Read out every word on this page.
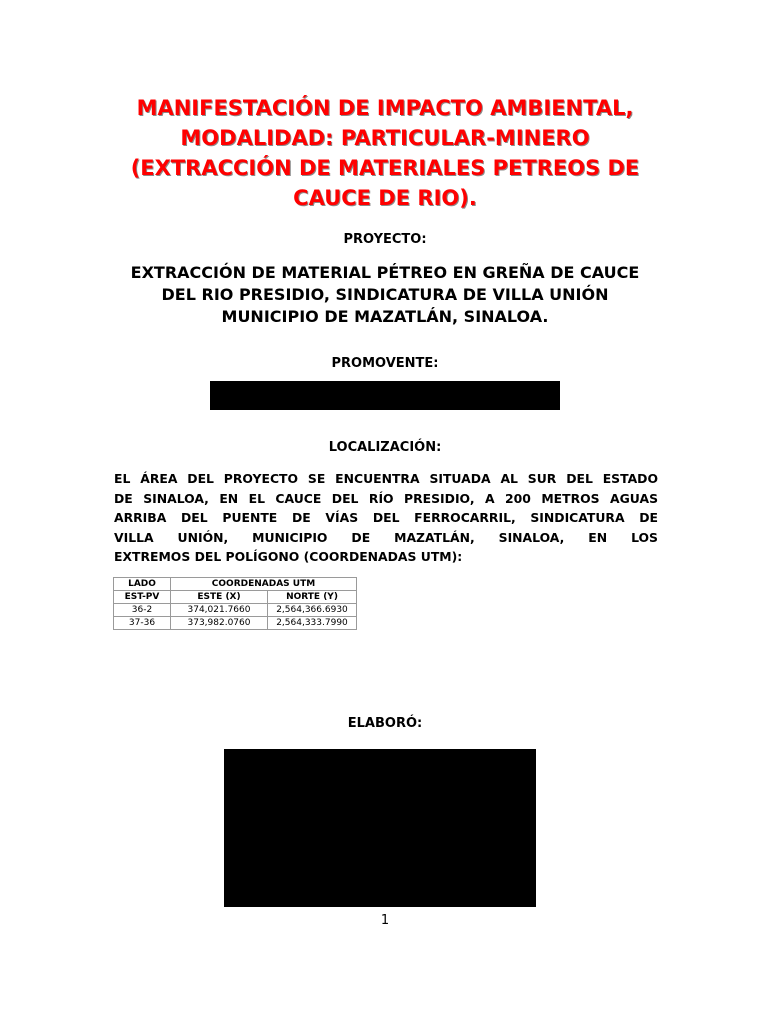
MANIFESTACIÓN DE IMPACTO AMBIENTAL,
MODALIDAD: PARTICULAR-MINERO
(EXTRACCIÓN DE MATERIALES PETREOS DE
CAUCE DE RIO).
PROYECTO:

EXTRACCIÓN DE MATERIAL PÉTREO EN GREÑA DE CAUCE
DEL RIO PRESIDIO, SINDICATURA DE VILLA UNIÓN
MUNICIPIO DE MAZATLÁN, SINALOA.

PROMOVENTE:
LOCALIZACIÓN:

EL ÁREA DEL PROYECTO SE ENCUENTRA SITUADA AL SUR DEL ESTADO
DE SINALOA, EN EL CAUCE DEL RÍO PRESIDIO, A 200 METROS AGUAS
ARRIBA DEL PUENTE DE VÍAS DEL FERROCARRIL, SINDICATURA DE
VILLA UNIÓN, MUNICIPIO DE MAZATLÁN, SINALOA, EN LOS
EXTREMOS DEL POLÍGONO (COORDENADAS UTM):

LADO	COORDENADAS UTM	
EST-PV	ESTE (X)	NORTE (Y)
36-2	374,021.7660	2,564,366.6930
37-36	373,982.0760	2,564,333.7990
ELABORÓ:
1
